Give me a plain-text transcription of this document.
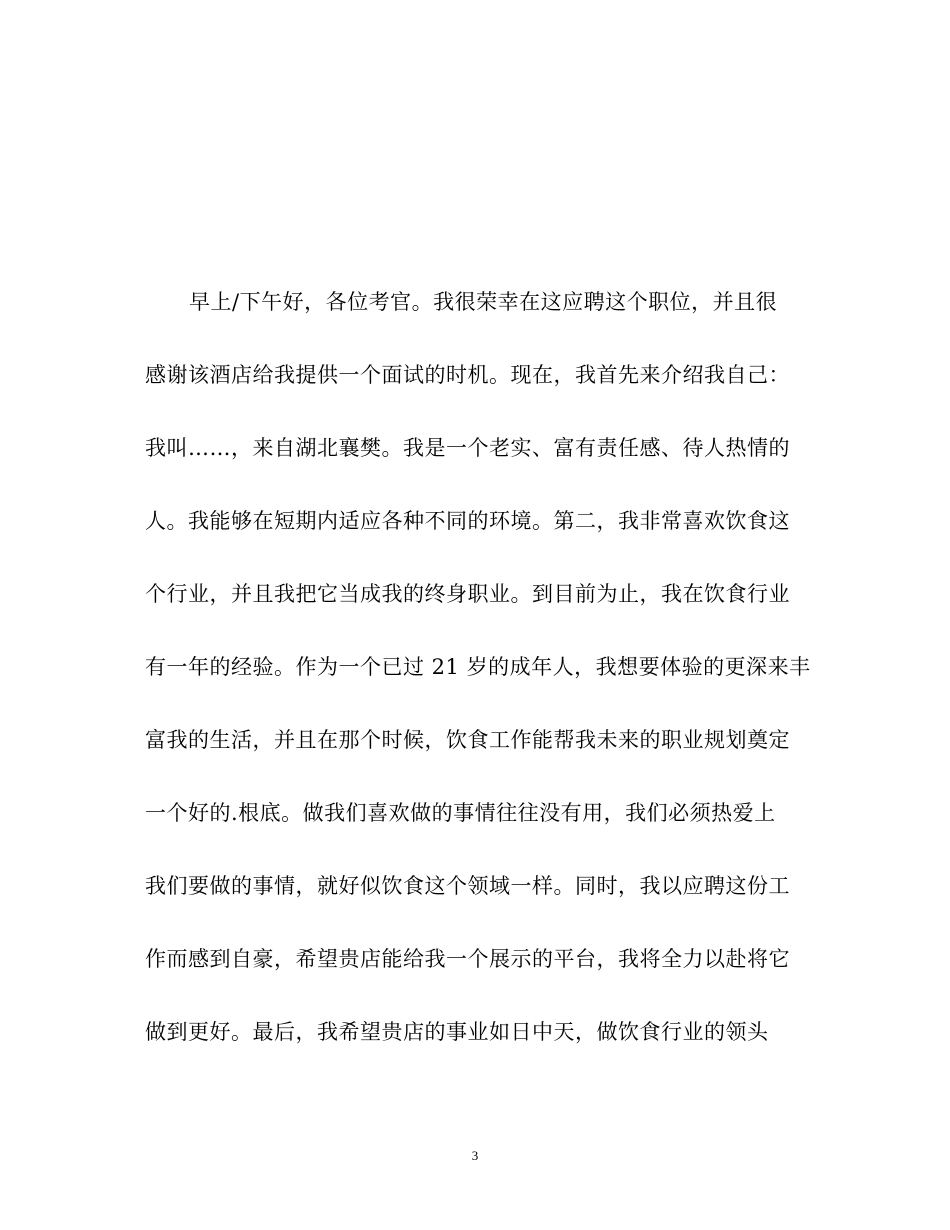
早上/下午好，各位考官。我很荣幸在这应聘这个职位，并且很
感谢该酒店给我提供一个面试的时机。现在，我首先来介绍我自己：
我叫……，来自湖北襄樊。我是一个老实、富有责任感、待人热情的
人。我能够在短期内适应各种不同的环境。第二，我非常喜欢饮食这
个行业，并且我把它当成我的终身职业。到目前为止，我在饮食行业
有一年的经验。作为一个已过 21 岁的成年人，我想要体验的更深来丰
富我的生活，并且在那个时候，饮食工作能帮我未来的职业规划奠定
一个好的.根底。做我们喜欢做的事情往往没有用，我们必须热爱上
我们要做的事情，就好似饮食这个领域一样。同时，我以应聘这份工
作而感到自豪，希望贵店能给我一个展示的平台，我将全力以赴将它
做到更好。最后，我希望贵店的事业如日中天，做饮食行业的领头
3
